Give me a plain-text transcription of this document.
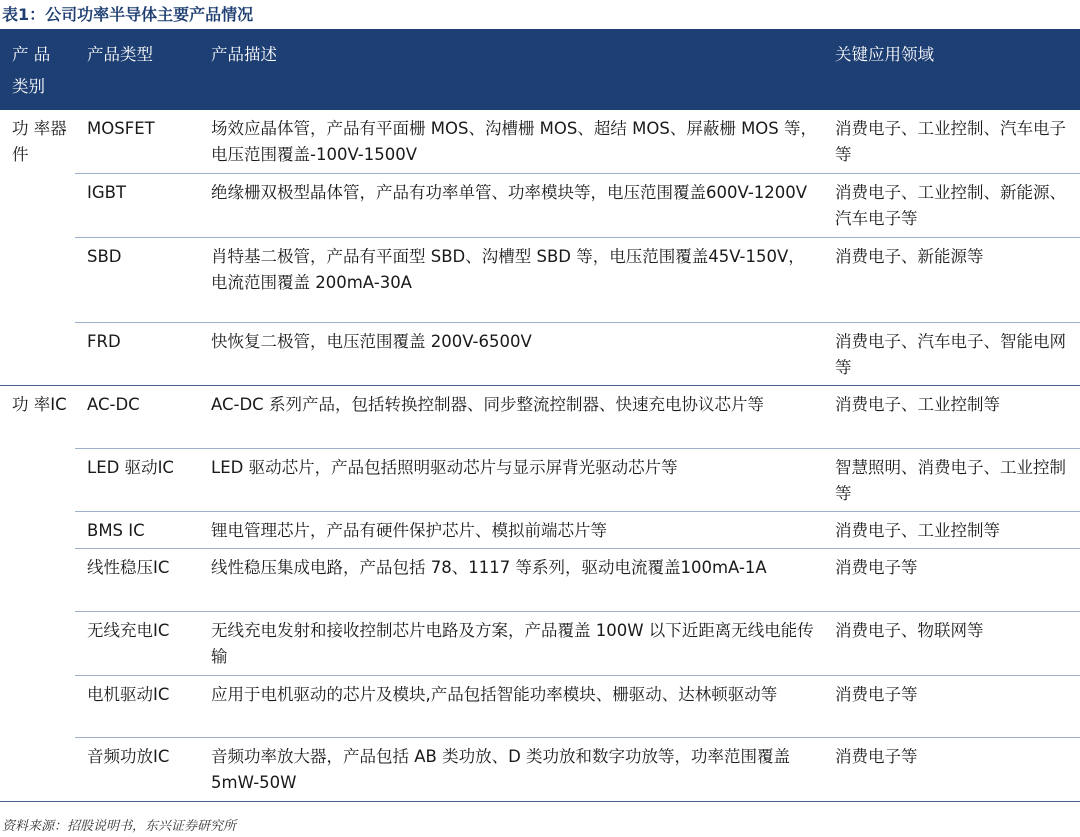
表1：公司功率半导体主要产品情况
产 品
类别	产品类型	产品描述	关键应用领域
功 率器件	MOSFET	场效应晶体管，产品有平面栅 MOS、沟槽栅 MOS、超结 MOS、屏蔽栅 MOS 等，电压范围覆盖-100V-1500V	消费电子、工业控制、汽车电子等
	IGBT	绝缘栅双极型晶体管，产品有功率单管、功率模块等，电压范围覆盖600V-1200V	消费电子、工业控制、新能源、汽车电子等
	SBD	肖特基二极管，产品有平面型 SBD、沟槽型 SBD 等，电压范围覆盖45V-150V，电流范围覆盖 200mA-30A	消费电子、新能源等
	FRD	快恢复二极管，电压范围覆盖 200V-6500V	消费电子、汽车电子、智能电网等
功 率IC	AC-DC	AC-DC 系列产品，包括转换控制器、同步整流控制器、快速充电协议芯片等	消费电子、工业控制等
	LED 驱动IC	LED 驱动芯片，产品包括照明驱动芯片与显示屏背光驱动芯片等	智慧照明、消费电子、工业控制等
	BMS IC	锂电管理芯片，产品有硬件保护芯片、模拟前端芯片等	消费电子、工业控制等
	线性稳压IC	线性稳压集成电路，产品包括 78、1117 等系列，驱动电流覆盖100mA-1A	消费电子等
	无线充电IC	无线充电发射和接收控制芯片电路及方案，产品覆盖 100W 以下近距离无线电能传输	消费电子、物联网等
	电机驱动IC	应用于电机驱动的芯片及模块,产品包括智能功率模块、栅驱动、达林顿驱动等	消费电子等
	音频功放IC	音频功率放大器，产品包括 AB 类功放、D 类功放和数字功放等，功率范围覆盖 5mW-50W	消费电子等
资料来源：招股说明书，东兴证券研究所
